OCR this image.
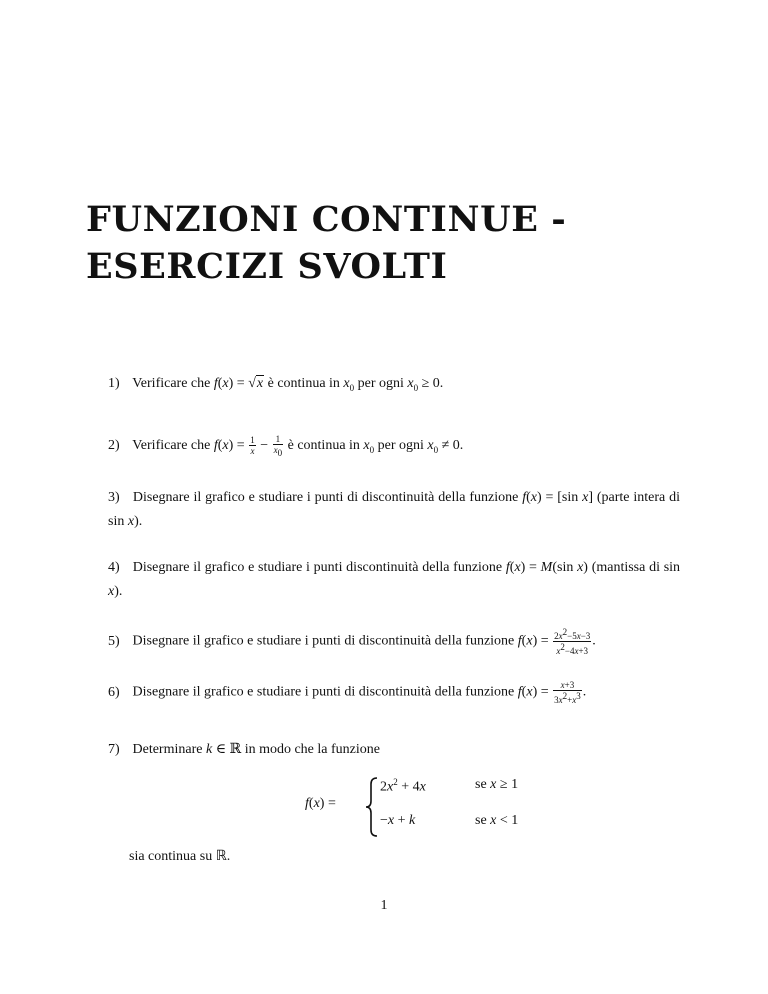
FUNZIONI CONTINUE - ESERCIZI SVOLTI
1) Verificare che f(x) = √x è continua in $x_0$ per ogni $x_0 \ge 0$.
2) Verificare che $f(x) = \frac{1}{x} - \frac{1}{x_0}$ è continua in $x_0$ per ogni $x_0 \ne 0$.
3) Disegnare il grafico e studiare i punti di discontinuità della funzione f(x) = [sin x] (parte intera di sin x).
4) Disegnare il grafico e studiare i punti discontinuità della funzione f(x) = M(sin x) (mantissa di sin x).
5) Disegnare il grafico e studiare i punti di discontinuità della funzione $f(x) = \frac{2x^2-5x-3}{x^2-4x+3}$ .
6) Disegnare il grafico e studiare i punti di discontinuità della funzione $f(x) = \frac{x+3}{3x^2+x^3}$ .
7) Determinare k ∈ ℝ in modo che la funzione
f(x) =
$2x^2 + 4x$	se x ≥ 1
−x + k	se x < 1
sia continua su ℝ.
1
